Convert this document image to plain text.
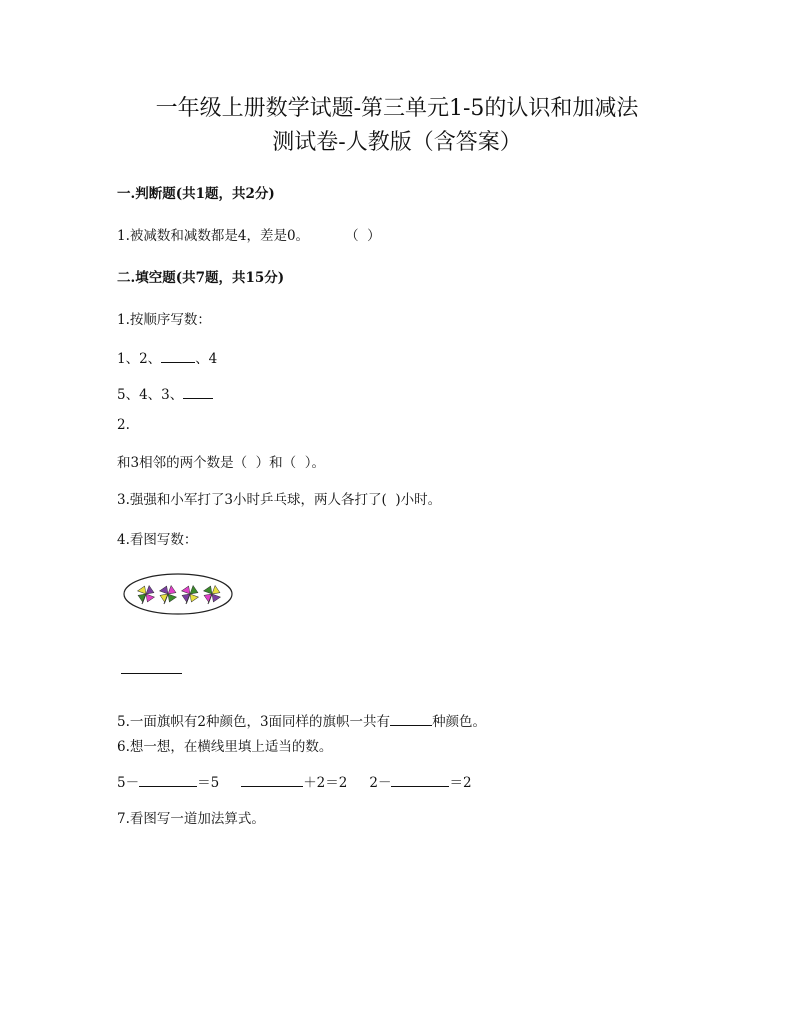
一年级上册数学试题-第三单元1-5的认识和加减法
测试卷-人教版（含答案）
一.判断题(共1题，共2分)
1.被减数和减数都是4，差是0。	（  ）
二.填空题(共7题，共15分)
1.按顺序写数：
1、2、	、4
5、4、3、
2.
和3相邻的两个数是（  ）和（  ）。
3.强强和小军打了3小时乒乓球，两人各打了(  )小时。
4.看图写数：
5.一面旗帜有2种颜色，3面同样的旗帜一共有	种颜色。
6.想一想，在横线里填上适当的数。
5－	＝5	＋2＝2 2－	＝2
7.看图写一道加法算式。
